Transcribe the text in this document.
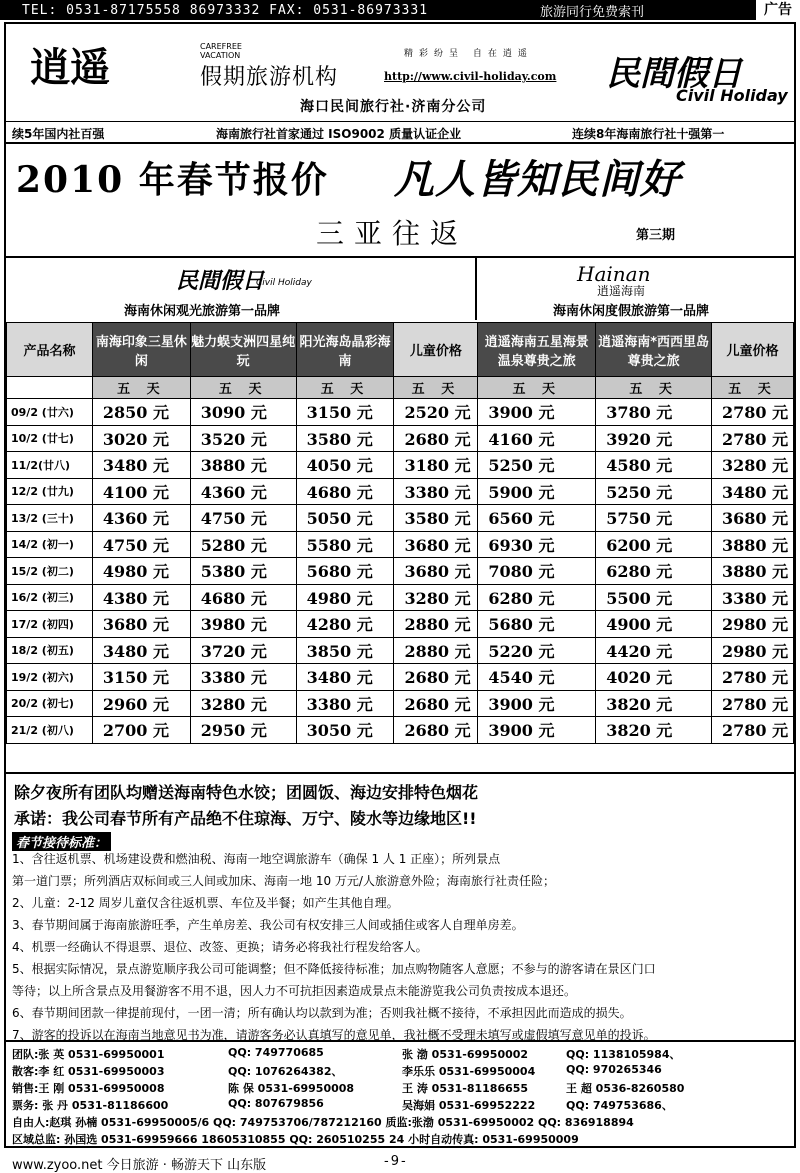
TEL: 0531-87175558 86973332 FAX: 0531-86973331	旅游同行免费索刊	广告
逍遥	CAREFREE
VACATION
假期旅游机构
精彩纷呈 自在逍遥
http://www.civil-holiday.com 民間假日
Civil Holiday
海口民间旅行社·济南分公司
续5年国内社百强	海南旅行社首家通过 ISO9002 质量认证企业	连续8年海南旅行社十强第一
2010 年春节报价 凡人皆知民间好
三亚往返	第三期
民間假日
Civil Holiday
海南休闲观光旅游第一品牌
Hainan
逍遥海南
海南休闲度假旅游第一品牌
产品名称	南海印象三星休闲	魅力蜈支洲四星纯玩	阳光海岛晶彩海南	儿童价格	逍遥海南五星海景温泉尊贵之旅	逍遥海南*西西里岛尊贵之旅	儿童价格
	五 天	五 天	五 天	五 天	五 天	五 天	五 天
09/2 (廿六)	2850 元	3090 元	3150 元	2520 元	3900 元	3780 元	2780 元
10/2 (廿七)	3020 元	3520 元	3580 元	2680 元	4160 元	3920 元	2780 元
11/2(廿八)	3480 元	3880 元	4050 元	3180 元	5250 元	4580 元	3280 元
12/2 (廿九)	4100 元	4360 元	4680 元	3380 元	5900 元	5250 元	3480 元
13/2 (三十)	4360 元	4750 元	5050 元	3580 元	6560 元	5750 元	3680 元
14/2 (初一)	4750 元	5280 元	5580 元	3680 元	6930 元	6200 元	3880 元
15/2 (初二)	4980 元	5380 元	5680 元	3680 元	7080 元	6280 元	3880 元
16/2 (初三)	4380 元	4680 元	4980 元	3280 元	6280 元	5500 元	3380 元
17/2 (初四)	3680 元	3980 元	4280 元	2880 元	5680 元	4900 元	2980 元
18/2 (初五)	3480 元	3720 元	3850 元	2880 元	5220 元	4420 元	2980 元
19/2 (初六)	3150 元	3380 元	3480 元	2680 元	4540 元	4020 元	2780 元
20/2 (初七)	2960 元	3280 元	3380 元	2680 元	3900 元	3820 元	2780 元
21/2 (初八)	2700 元	2950 元	3050 元	2680 元	3900 元	3820 元	2780 元
除夕夜所有团队均赠送海南特色水饺；团圆饭、海边安排特色烟花
承诺：我公司春节所有产品绝不住琼海、万宁、陵水等边缘地区!!
春节接待标准：
1、含往返机票、机场建设费和燃油税、海南一地空调旅游车（确保 1 人 1 正座）；所列景点
第一道门票；所列酒店双标间或三人间或加床、海南一地 10 万元/人旅游意外险；海南旅行社责任险；
2、儿童：2-12 周岁儿童仅含往返机票、车位及半餐；如产生其他自理。
3、春节期间属于海南旅游旺季，产生单房差、我公司有权安排三人间或插住或客人自理单房差。
4、机票一经确认不得退票、退位、改签、更换；请务必将我社行程发给客人。
5、根据实际情况，景点游览顺序我公司可能调整；但不降低接待标准；加点购物随客人意愿；不参与的游客请在景区门口
等待；以上所含景点及用餐游客不用不退，因人力不可抗拒因素造成景点未能游览我公司负责按成本退还。
6、春节期间团款一律提前现付，一团一清；所有确认均以款到为准；否则我社概不接待，不承担因此而造成的损失。
7、游客的投诉以在海南当地意见书为准，请游客务必认真填写的意见单，我社概不受理未填写或虚假填写意见单的投诉。
团队:张 英 0531-69950001	QQ: 749770685	张 渤 0531-69950002	QQ: 1138105984、
散客:李 红 0531-69950003	QQ: 1076264382、	李乐乐 0531-69950004	QQ: 970265346
销售:王 刚 0531-69950008	陈 保 0531-69950008	王 涛 0531-81186655	王 超 0536-8260580
票务: 张 丹 0531-81186600	QQ: 807679856	吴海娟 0531-69952222	QQ: 749753686、
自由人:赵琪 孙楠 0531-69950005/6 QQ: 749753706/787212160 质监:张渤 0531-69950002 QQ: 836918894
区域总监: 孙国选 0531-69959666 18605310855 QQ: 260510255 24 小时自动传真: 0531-69950009
www.zyoo.net 今日旅游 · 畅游天下 山东版	-9-
